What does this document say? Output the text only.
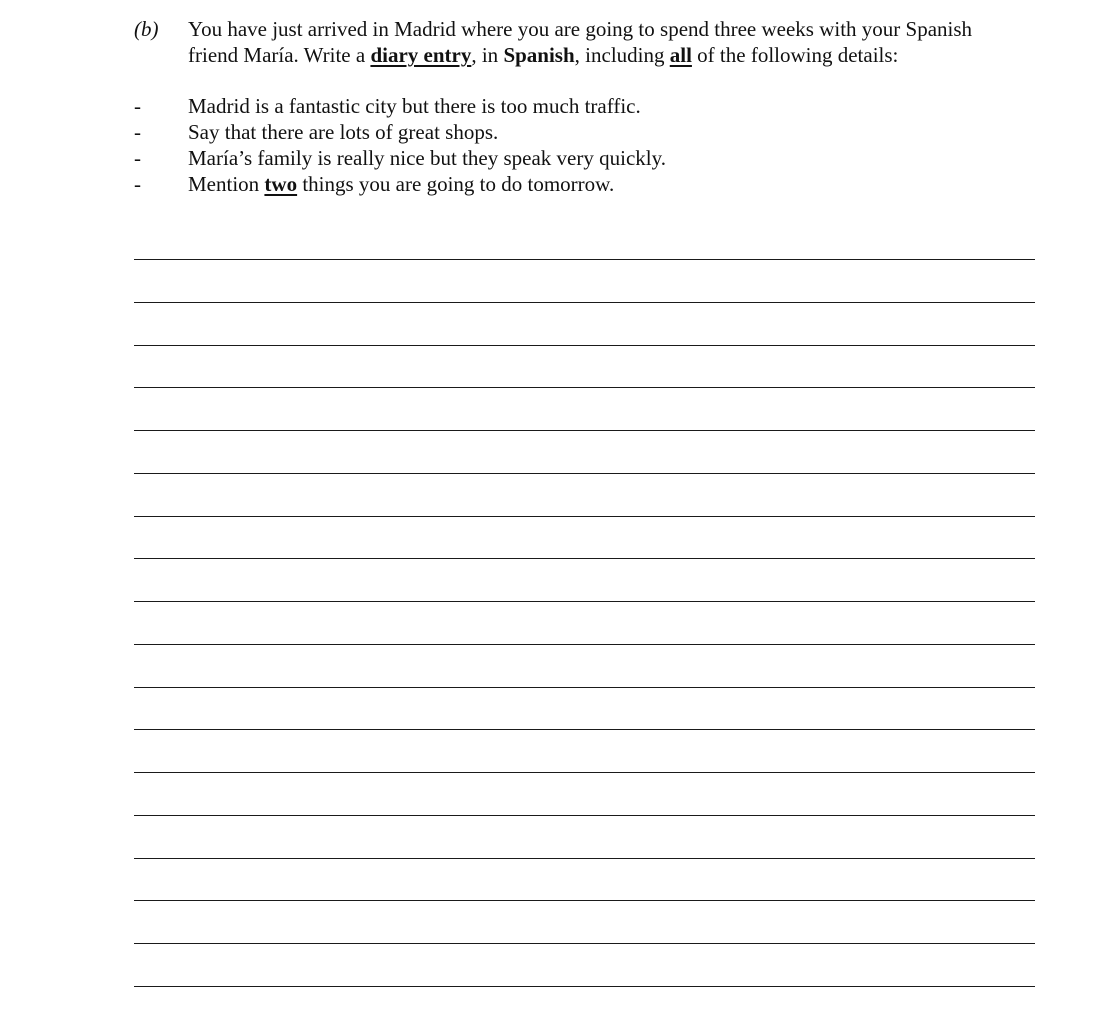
(b) You have just arrived in Madrid where you are going to spend three weeks with your Spanish
friend María. Write a diary entry, in Spanish, including all of the following details:
- Madrid is a fantastic city but there is too much traffic.
- Say that there are lots of great shops.
- María’s family is really nice but they speak very quickly.
- Mention two things you are going to do tomorrow.
